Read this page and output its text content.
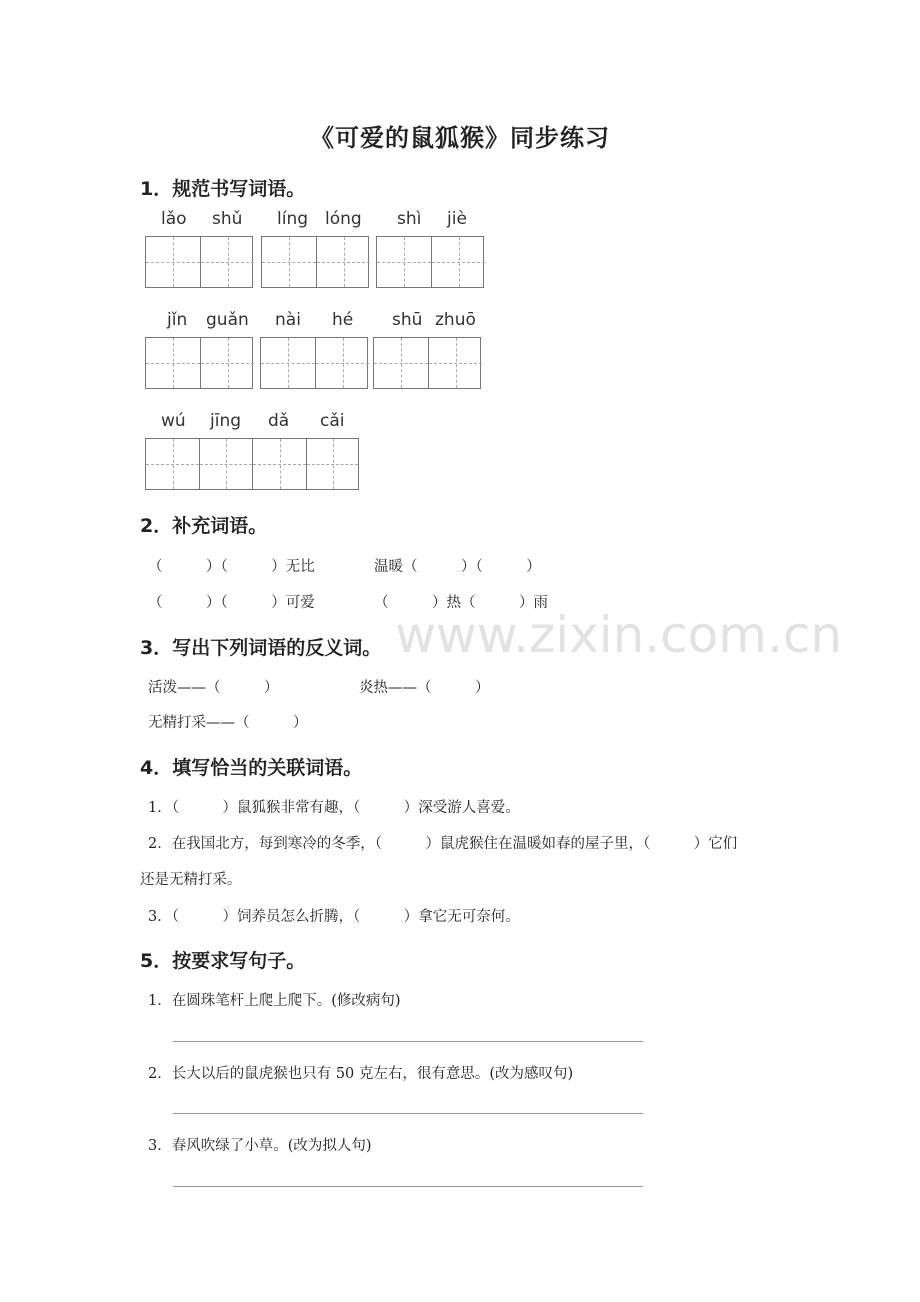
www.zixin.com.cn
《可爱的鼠狐猴》同步练习
1．规范书写词语。
lǎo shǔ líng lóng shì jiè
jǐn guǎn nài hé shū zhuō
wú jīng dǎ cǎi
2．补充词语。
（　　　）（　　　）无比	温暖（　　　）（　　　）
（　　　）（　　　）可爱	（　　　）热（　　　）雨
3．写出下列词语的反义词。
活泼——（　　　）	炎热——（　　　）
无精打采——（　　　）
4．填写恰当的关联词语。
1．（　　　）鼠狐猴非常有趣，（　　　）深受游人喜爱。
2．在我国北方，每到寒冷的冬季，（　　　）鼠虎猴住在温暖如春的屋子里，（　　　）它们
还是无精打采。
3．（　　　）饲养员怎么折腾，（　　　）拿它无可奈何。
5．按要求写句子。
1．在圆珠笔杆上爬上爬下。(修改病句)
2．长大以后的鼠虎猴也只有 50 克左右，很有意思。(改为感叹句)
3．春风吹绿了小草。(改为拟人句)
